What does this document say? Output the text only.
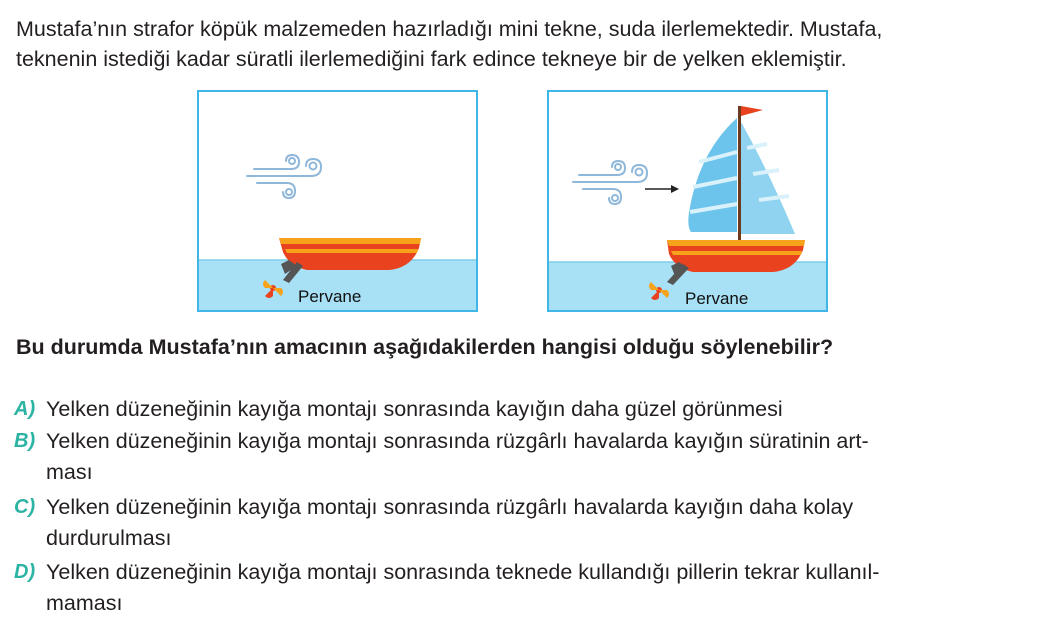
Mustafa’nın strafor köpük malzemeden hazırladığı mini tekne, suda ilerlemektedir. Mustafa,
teknenin istediği kadar süratli ilerlemediğini fark edince tekneye bir de yelken eklemiştir.
Pervane	Pervane
Bu durumda Mustafa’nın amacının aşağıdakilerden hangisi olduğu söylenebilir?
A) Yelken düzeneğinin kayığa montajı sonrasında kayığın daha güzel görünmesi
B) Yelken düzeneğinin kayığa montajı sonrasında rüzgârlı havalarda kayığın süratinin art-
ması
C) Yelken düzeneğinin kayığa montajı sonrasında rüzgârlı havalarda kayığın daha kolay
durdurulması
D) Yelken düzeneğinin kayığa montajı sonrasında teknede kullandığı pillerin tekrar kullanıl-
maması
